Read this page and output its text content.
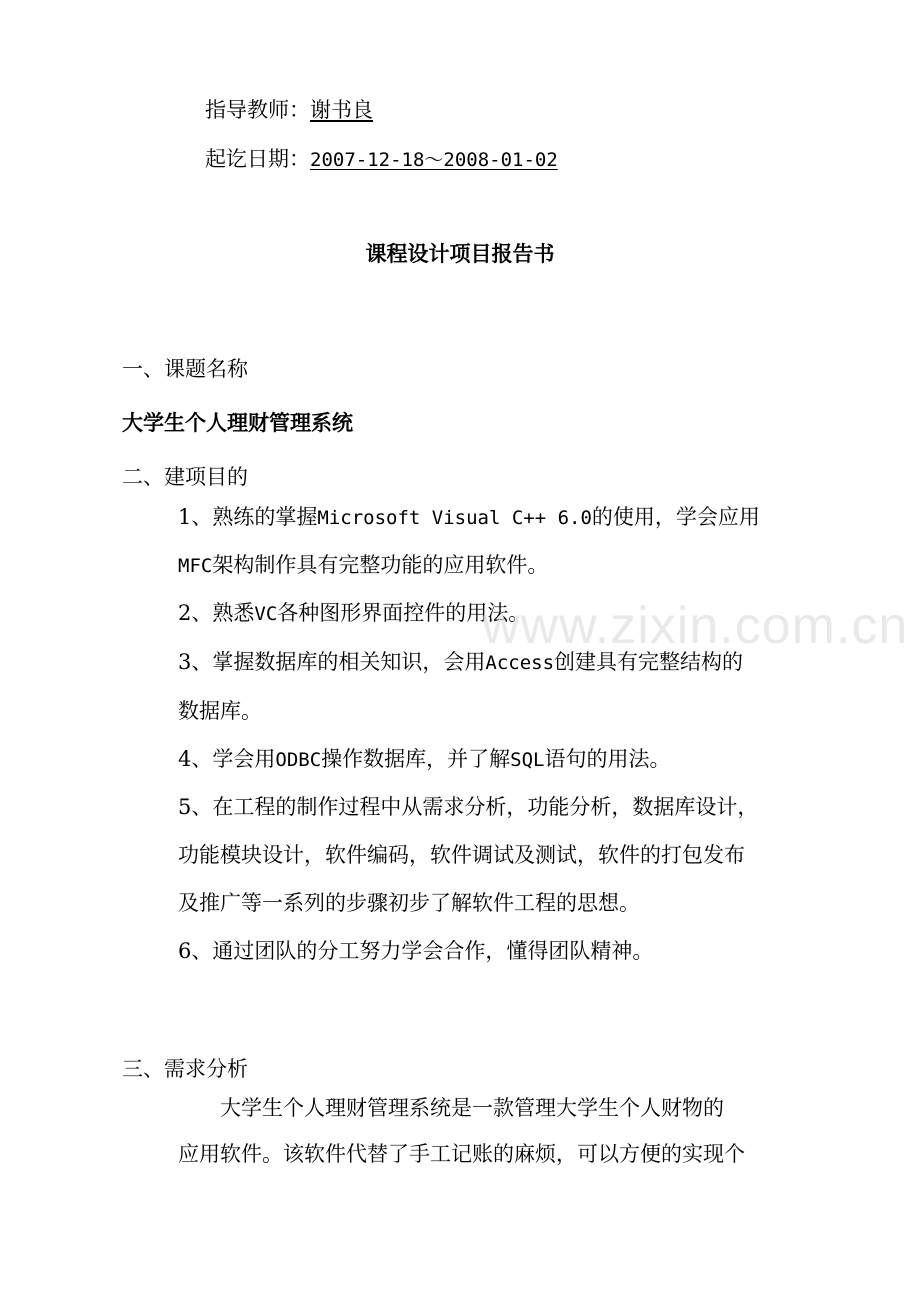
指导教师：谢书良
起讫日期：2007-12-18～2008-01-02
课程设计项目报告书
一、课题名称
大学生个人理财管理系统
二、建项目的
1、熟练的掌握Microsoft Visual C++ 6.0的使用，学会应用
MFC架构制作具有完整功能的应用软件。
2、熟悉VC各种图形界面控件的用法。
3、掌握数据库的相关知识，会用Access创建具有完整结构的
数据库。
4、学会用ODBC操作数据库，并了解SQL语句的用法。
5、在工程的制作过程中从需求分析，功能分析，数据库设计，
功能模块设计，软件编码，软件调试及测试，软件的打包发布
及推广等一系列的步骤初步了解软件工程的思想。
6、通过团队的分工努力学会合作，懂得团队精神。
三、需求分析
大学生个人理财管理系统是一款管理大学生个人财物的
应用软件。该软件代替了手工记账的麻烦，可以方便的实现个
www.zixin.com.cn
